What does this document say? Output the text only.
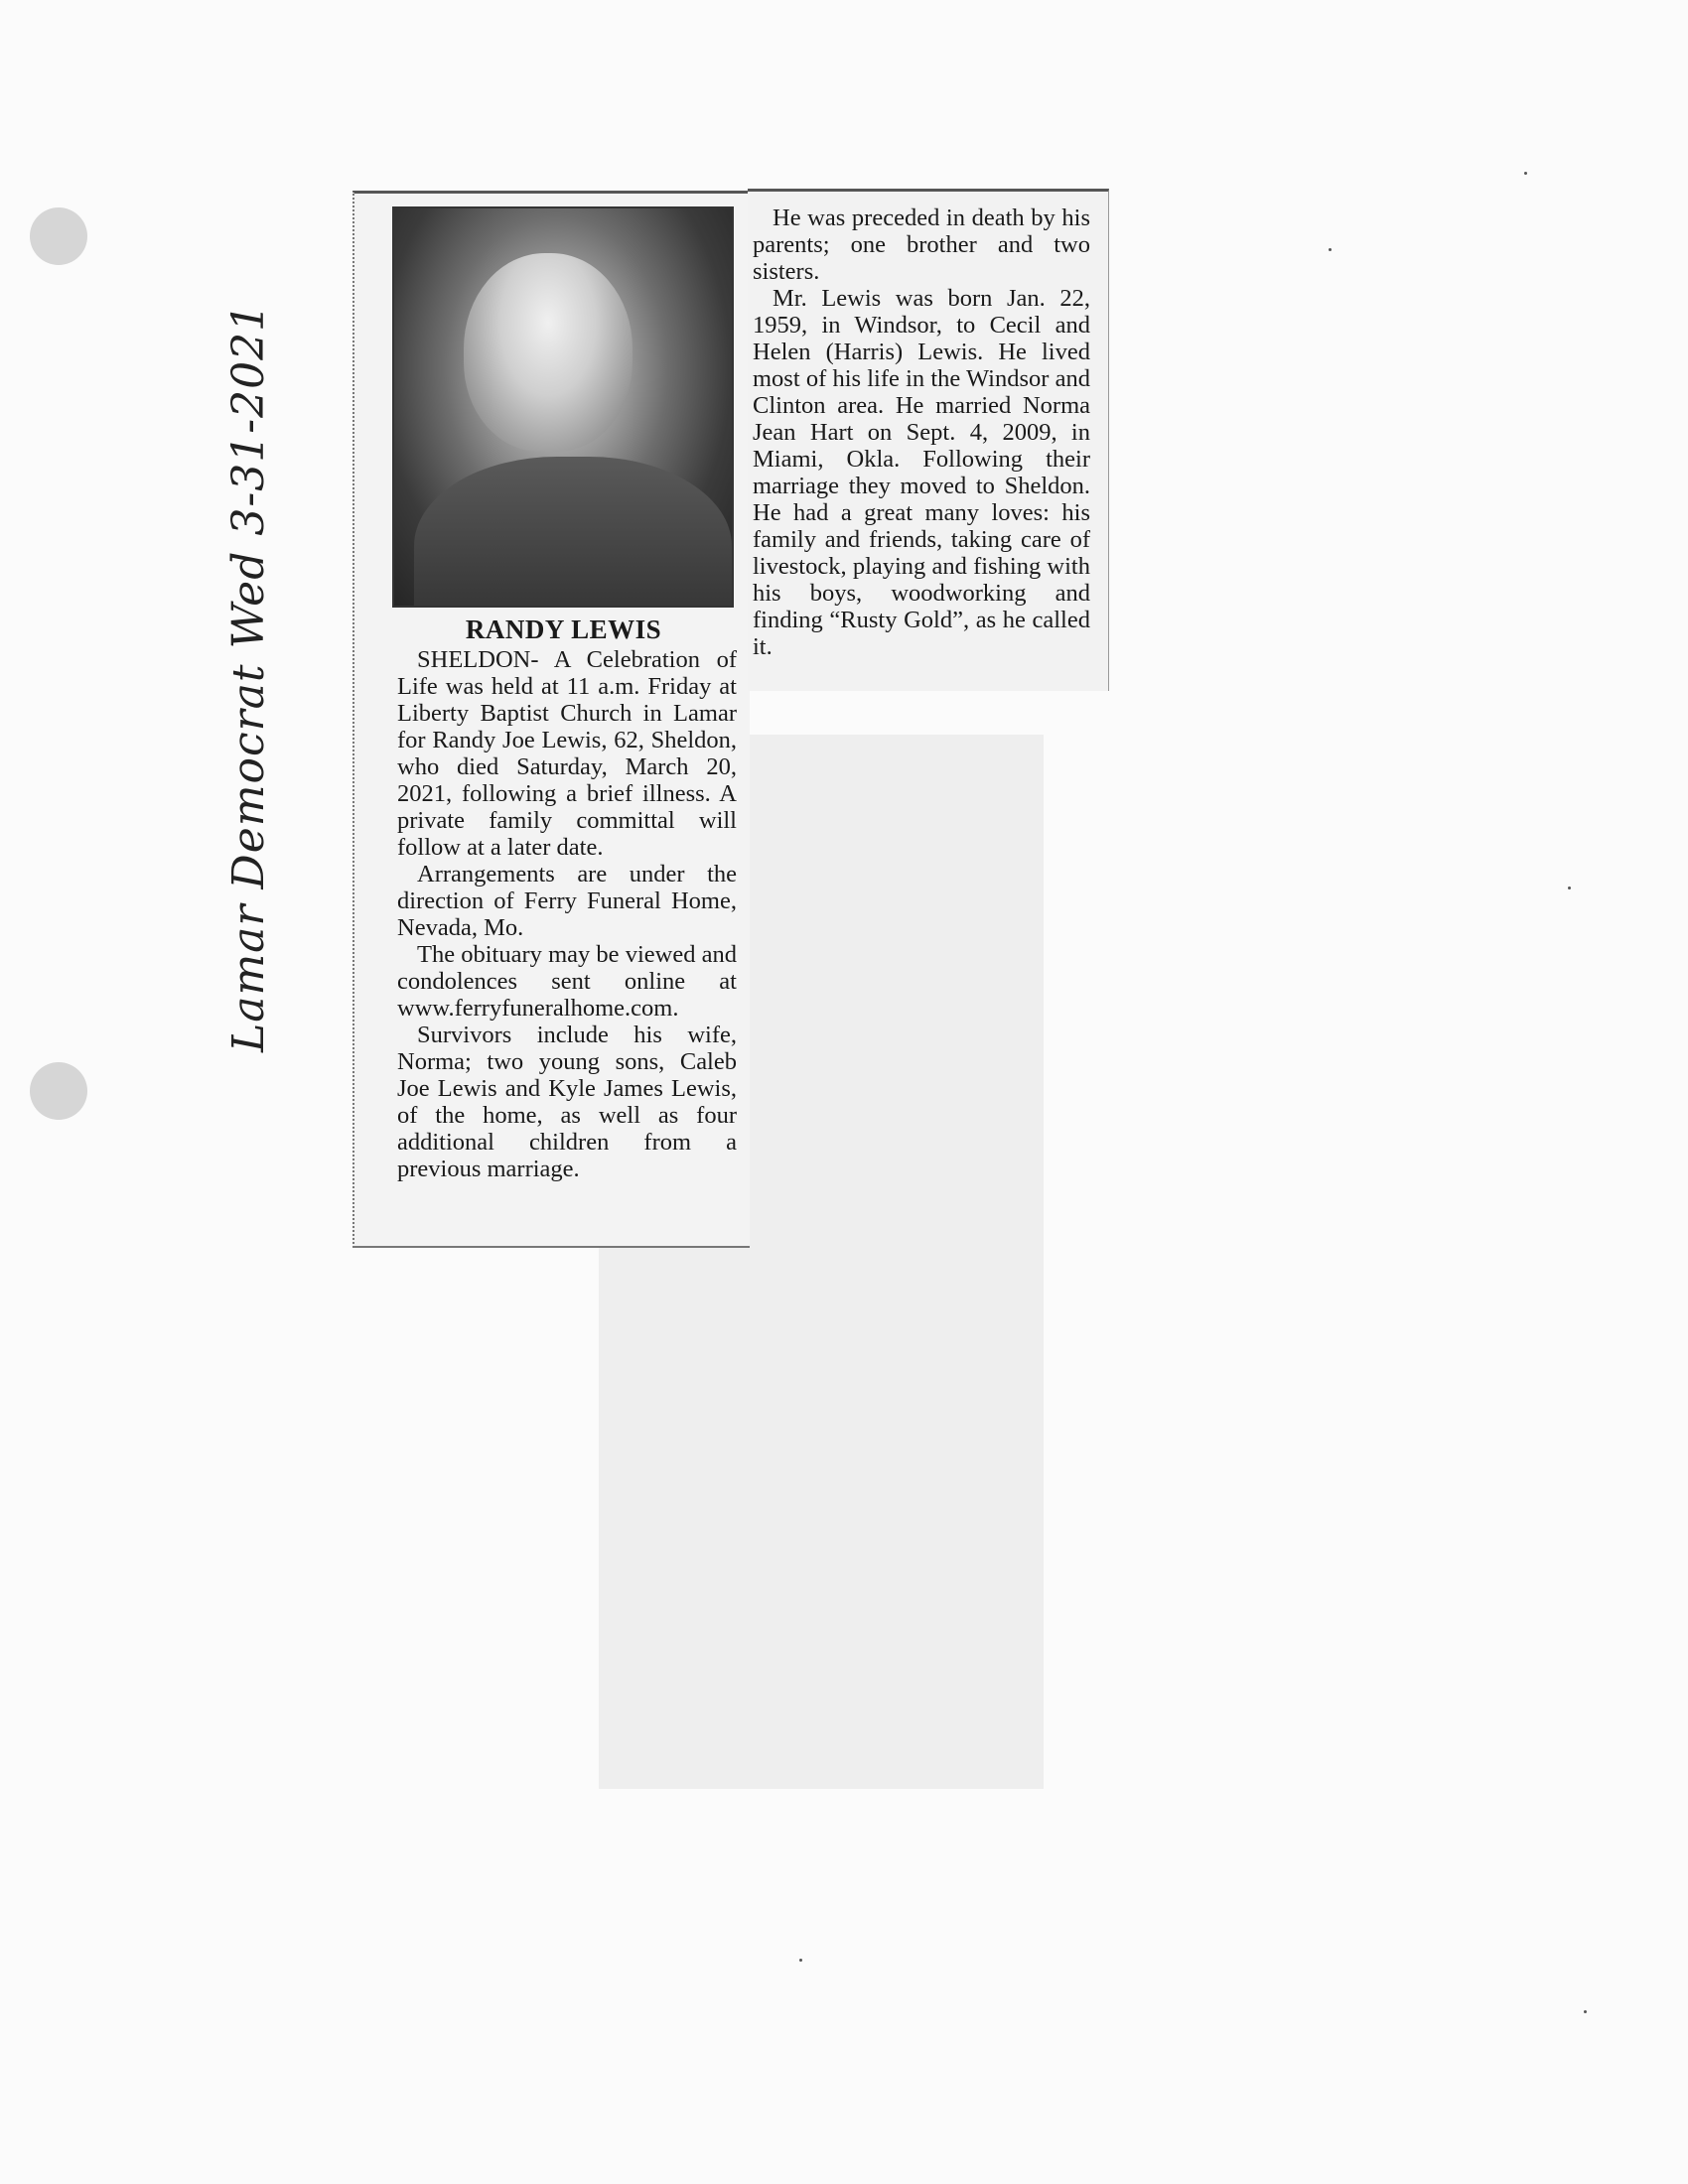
Lamar Democrat Wed 3-31-2021	RANDY LEWIS

SHELDON- A Celebration of Life was held at 11 a.m. Friday at Liberty Baptist Church in Lamar for Randy Joe Lewis, 62, Sheldon, who died Saturday, March 20, 2021, following a brief illness. A private family committal will follow at a later date.

Arrangements are under the direction of Ferry Funeral Home, Nevada, Mo.

The obituary may be viewed and condolences sent online at www.ferryfuneralhome.com.

Survivors include his wife, Norma; two young sons, Caleb Joe Lewis and Kyle James Lewis, of the home, as well as four additional children from a previous marriage.

He was preceded in death by his parents; one brother and two sisters.

Mr. Lewis was born Jan. 22, 1959, in Windsor, to Cecil and Helen (Harris) Lewis. He lived most of his life in the Windsor and Clinton area. He married Norma Jean Hart on Sept. 4, 2009, in Miami, Okla. Following their marriage they moved to Sheldon. He had a great many loves: his family and friends, taking care of livestock, playing and fishing with his boys, woodworking and finding “Rusty Gold”, as he called it.
